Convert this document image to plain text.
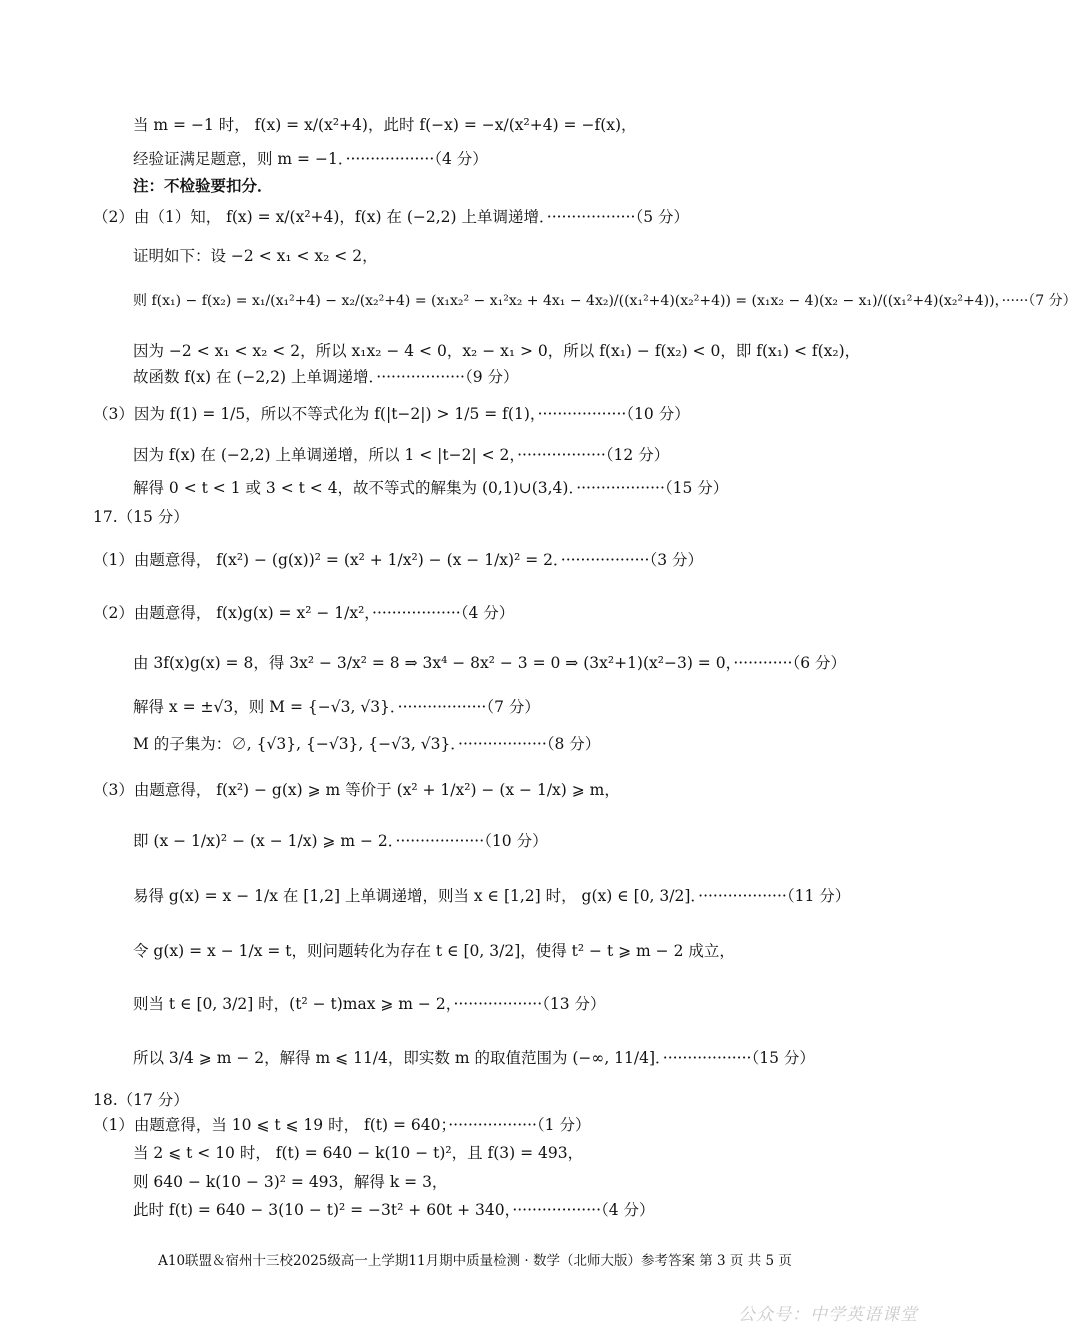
当 m = −1 时， f(x) = x/(x²+4)，此时 f(−x) = −x/(x²+4) = −f(x)，
经验证满足题意，则 m = −1．··················（4 分）
注：不检验要扣分．
（2）由（1）知， f(x) = x/(x²+4)，f(x) 在 (−2,2) 上单调递增．··················（5 分）
证明如下：设 −2 < x₁ < x₂ < 2，
则 f(x₁) − f(x₂) = x₁/(x₁²+4) − x₂/(x₂²+4) = (x₁x₂² − x₁²x₂ + 4x₁ − 4x₂)/((x₁²+4)(x₂²+4)) = (x₁x₂ − 4)(x₂ − x₁)/((x₁²+4)(x₂²+4))，······（7 分）
因为 −2 < x₁ < x₂ < 2，所以 x₁x₂ − 4 < 0，x₂ − x₁ > 0，所以 f(x₁) − f(x₂) < 0，即 f(x₁) < f(x₂)，
故函数 f(x) 在 (−2,2) 上单调递增．··················（9 分）
（3）因为 f(1) = 1/5，所以不等式化为 f(|t−2|) > 1/5 = f(1)，··················（10 分）
因为 f(x) 在 (−2,2) 上单调递增，所以 1 < |t−2| < 2，··················（12 分）
解得 0 < t < 1 或 3 < t < 4，故不等式的解集为 (0,1)∪(3,4)．··················（15 分）
17.（15 分）
（1）由题意得， f(x²) − (g(x))² = (x² + 1/x²) − (x − 1/x)² = 2．··················（3 分）
（2）由题意得， f(x)g(x) = x² − 1/x²，··················（4 分）
由 3f(x)g(x) = 8，得 3x² − 3/x² = 8 ⇒ 3x⁴ − 8x² − 3 = 0 ⇒ (3x²+1)(x²−3) = 0，············（6 分）
解得 x = ±√3，则 M = {−√3, √3}．··················（7 分）
M 的子集为：∅, {√3}, {−√3}, {−√3, √3}．··················（8 分）
（3）由题意得， f(x²) − g(x) ⩾ m 等价于 (x² + 1/x²) − (x − 1/x) ⩾ m，
即 (x − 1/x)² − (x − 1/x) ⩾ m − 2．··················（10 分）
易得 g(x) = x − 1/x 在 [1,2] 上单调递增，则当 x ∈ [1,2] 时， g(x) ∈ [0, 3/2]．··················（11 分）
令 g(x) = x − 1/x = t，则问题转化为存在 t ∈ [0, 3/2]，使得 t² − t ⩾ m − 2 成立，
则当 t ∈ [0, 3/2] 时，(t² − t)max ⩾ m − 2，··················（13 分）
所以 3/4 ⩾ m − 2，解得 m ⩽ 11/4，即实数 m 的取值范围为 (−∞, 11/4]．··················（15 分）
18.（17 分）
（1）由题意得，当 10 ⩽ t ⩽ 19 时， f(t) = 640；··················（1 分）
当 2 ⩽ t < 10 时， f(t) = 640 − k(10 − t)²，且 f(3) = 493，
则 640 − k(10 − 3)² = 493，解得 k = 3，
此时 f(t) = 640 − 3(10 − t)² = −3t² + 60t + 340，··················（4 分）
A10联盟＆宿州十三校2025级高一上学期11月期中质量检测 · 数学（北师大版）参考答案 第 3 页 共 5 页
公众号：中学英语课堂
